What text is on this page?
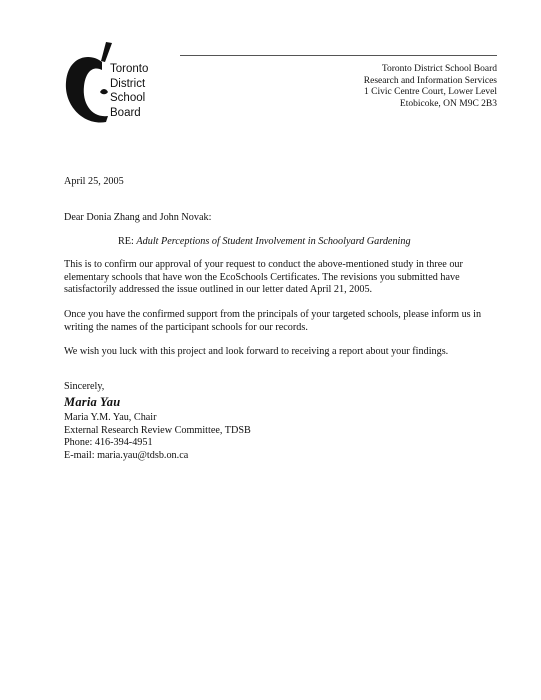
Toronto
District
School
Board
Toronto District School Board
Research and Information Services
1 Civic Centre Court, Lower Level
Etobicoke, ON M9C 2B3
April 25, 2005
Dear Donia Zhang and John Novak:
RE: Adult Perceptions of Student Involvement in Schoolyard Gardening
This is to confirm our approval of your request to conduct the above-mentioned study in three our elementary schools that have won the EcoSchools Certificates. The revisions you submitted have satisfactorily addressed the issue outlined in our letter dated April 21, 2005.
Once you have the confirmed support from the principals of your targeted schools, please inform us in writing the names of the participant schools for our records.
We wish you luck with this project and look forward to receiving a report about your findings.
Sincerely,
Maria Yau
Maria Y.M. Yau, Chair
External Research Review Committee, TDSB
Phone: 416-394-4951
E-mail: maria.yau@tdsb.on.ca
